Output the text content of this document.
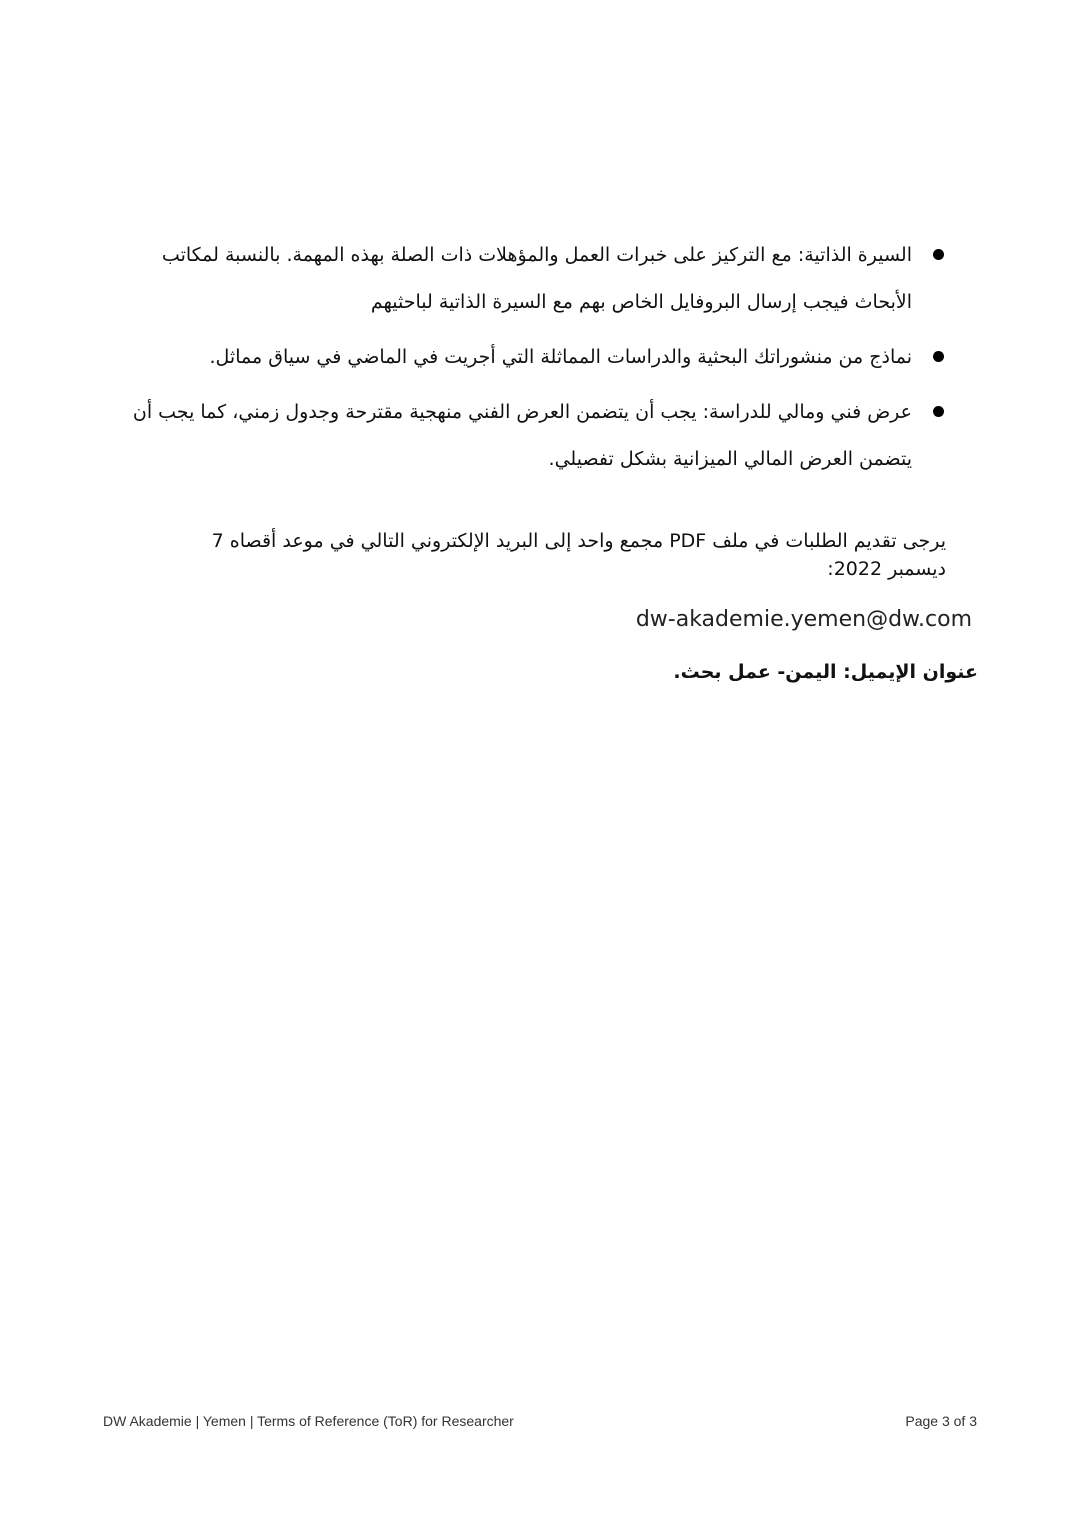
السيرة الذاتية: مع التركيز على خبرات العمل والمؤهلات ذات الصلة بهذه المهمة. بالنسبة لمكاتب الأبحاث فيجب إرسال البروفايل الخاص بهم مع السيرة الذاتية لباحثيهم
نماذج من منشوراتك البحثية والدراسات المماثلة التي أجريت في الماضي في سياق مماثل.
عرض فني ومالي للدراسة: يجب أن يتضمن العرض الفني منهجية مقترحة وجدول زمني، كما يجب أن يتضمن العرض المالي الميزانية بشكل تفصيلي.
يرجى تقديم الطلبات في ملف PDF مجمع واحد إلى البريد الإلكتروني التالي في موعد أقصاه 7 ديسمبر 2022:
dw-akademie.yemen@dw.com
عنوان الإيميل: اليمن- عمل بحث.
DW Akademie | Yemen | Terms of Reference (ToR) for Researcher	Page 3 of 3
